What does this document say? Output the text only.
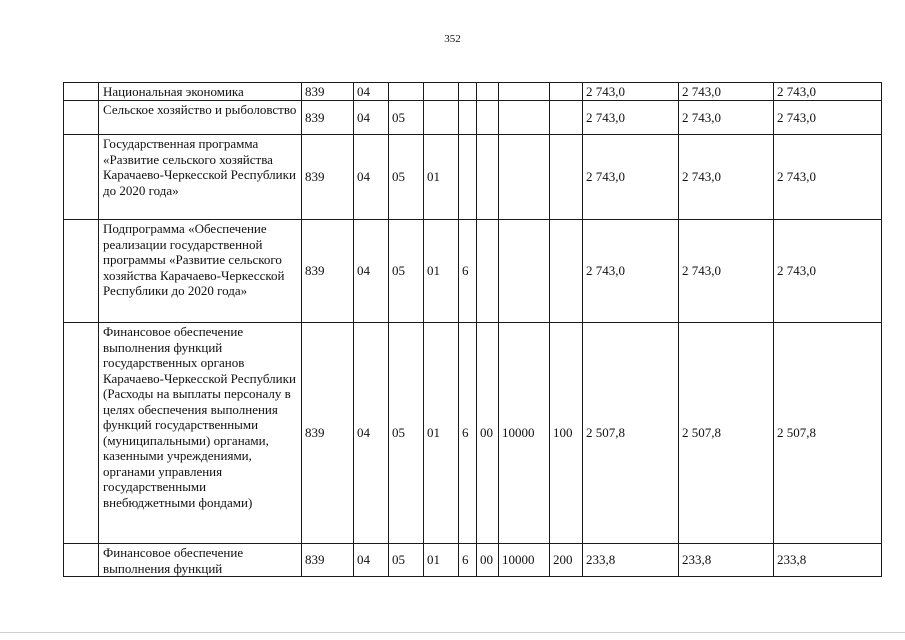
352
	Национальная экономика	839	04							2 743,0	2 743,0	2 743,0
	Сельское хозяйство и рыболовство	839	04	05						2 743,0	2 743,0	2 743,0
	Государственная программа «Развитие сельского хозяйства Карачаево-Черкесской Республики до 2020 года»	839	04	05	01					2 743,0	2 743,0	2 743,0
	Подпрограмма «Обеспечение реализации государственной программы «Развитие сельского хозяйства Карачаево-Черкесской Республики до 2020 года»	839	04	05	01	6				2 743,0	2 743,0	2 743,0
	Финансовое обеспечение выполнения функций государственных органов Карачаево-Черкесской Республики (Расходы на выплаты персоналу в целях обеспечения выполнения функций государственными (муниципальными) органами, казенными учреждениями, органами управления государственными внебюджетными фондами)	839	04	05	01	6	00	10000	100	2 507,8	2 507,8	2 507,8
	Финансовое обеспечение выполнения функций	839	04	05	01	6	00	10000	200	233,8	233,8	233,8
